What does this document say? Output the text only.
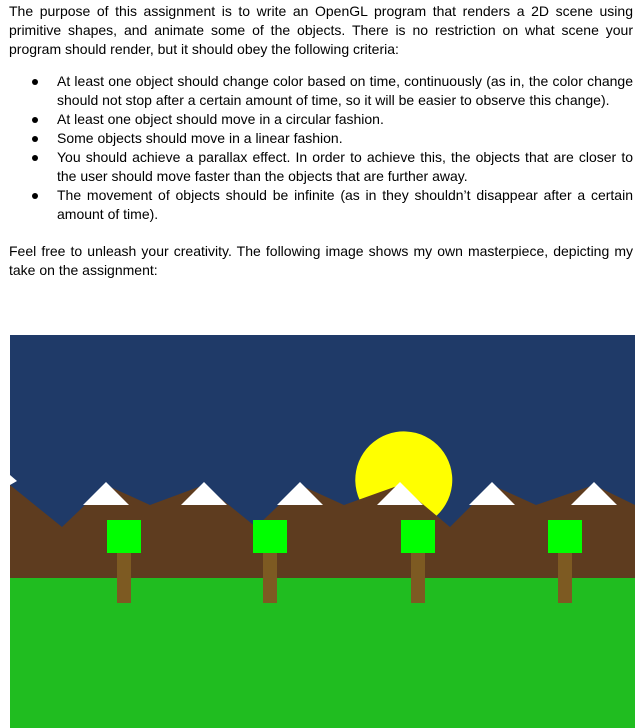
The purpose of this assignment is to write an OpenGL program that renders a 2D scene using primitive shapes, and animate some of the objects. There is no restriction on what scene your program should render, but it should obey the following criteria:

At least one object should change color based on time, continuously (as in, the color change should not stop after a certain amount of time, so it will be easier to observe this change).
At least one object should move in a circular fashion.
Some objects should move in a linear fashion.
You should achieve a parallax effect. In order to achieve this, the objects that are closer to the user should move faster than the objects that are further away.
The movement of objects should be infinite (as in they shouldn’t disappear after a certain amount of time).

Feel free to unleash your creativity. The following image shows my own masterpiece, depicting my take on the assignment:
